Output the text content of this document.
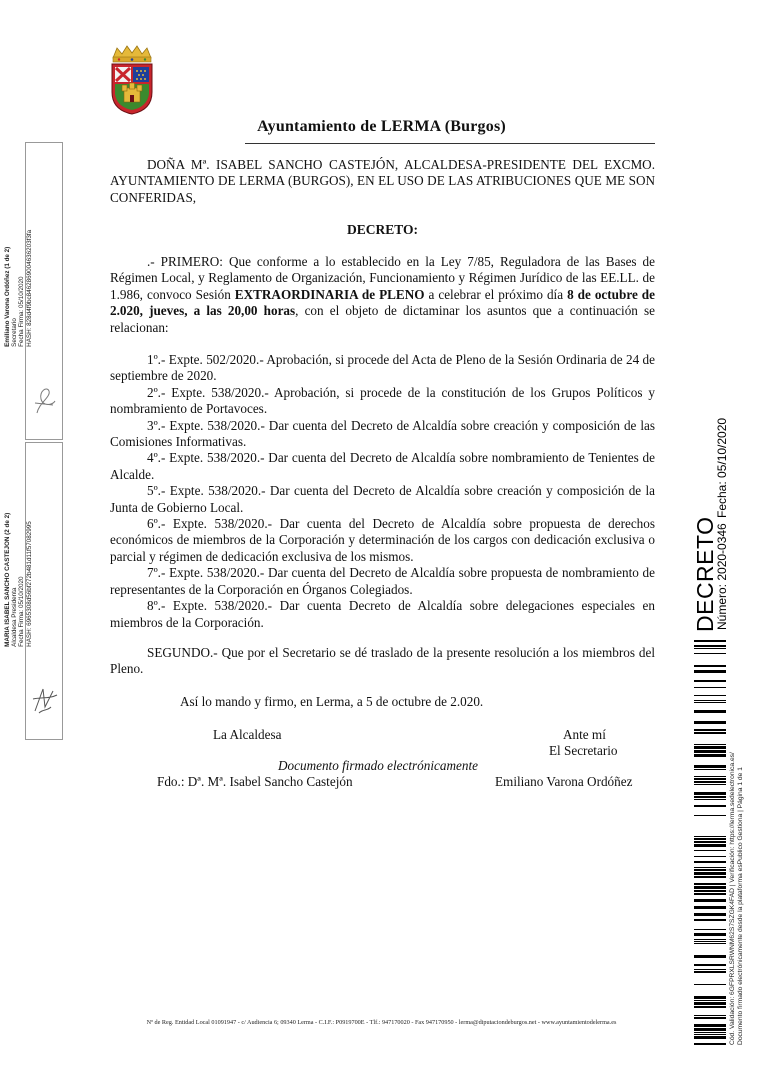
Ayuntamiento de LERMA (Burgos)

DOÑA Mª. ISABEL SANCHO CASTEJÓN, ALCALDESA-PRESIDENTE DEL EXCMO. AYUNTAMIENTO DE LERMA (BURGOS), EN EL USO DE LAS ATRIBUCIONES QUE ME SON CONFERIDAS,

DECRETO:

.- PRIMERO: Que conforme a lo establecido en la Ley 7/85, Reguladora de las Bases de Régimen Local, y Reglamento de Organización, Funcionamiento y Régimen Jurídico de las EE.LL. de 1.986, convoco Sesión EXTRAORDINARIA de PLENO a celebrar el próximo día 8 de octubre de 2.020, jueves, a las 20,00 horas, con el objeto de dictaminar los asuntos que a continuación se relacionan:

1º.- Expte. 502/2020.- Aprobación, si procede del Acta de Pleno de la Sesión Ordinaria de 24 de septiembre de 2020.

2º.- Expte. 538/2020.- Aprobación, si procede de la constitución de los Grupos Políticos y nombramiento de Portavoces.

3º.- Expte. 538/2020.- Dar cuenta del Decreto de Alcaldía sobre creación y composición de las Comisiones Informativas.

4º.- Expte. 538/2020.- Dar cuenta del Decreto de Alcaldía sobre nombramiento de Tenientes de Alcalde.

5º.- Expte. 538/2020.- Dar cuenta del Decreto de Alcaldía sobre creación y composición de la Junta de Gobierno Local.

6º.- Expte. 538/2020.- Dar cuenta del Decreto de Alcaldía sobre propuesta de derechos económicos de miembros de la Corporación y determinación de los cargos con dedicación exclusiva o parcial y régimen de dedicación exclusiva de los mismos.

7º.- Expte. 538/2020.- Dar cuenta del Decreto de Alcaldía sobre propuesta de nombramiento de representantes de la Corporación en Órganos Colegiados.

8º.- Expte. 538/2020.- Dar cuenta Decreto de Alcaldía sobre delegaciones especiales en miembros de la Corporación.

SEGUNDO.- Que por el Secretario se dé traslado de la presente resolución a los miembros del Pleno.

Así lo mando y firmo, en Lerma, a 5 de octubre de 2.020.
La Alcaldesa	Ante mí
El Secretario
Documento firmado electrónicamente
Fdo.: Dª. Mª. Isabel Sancho Castejón	Emiliano Varona Ordóñez
Nº de Reg. Entidad Local 01091947 - c/ Audiencia 6; 09340 Lerma - C.I.F.: P0919700E - Tlf.: 947170020 - Fax 947170950 - lerma@diputaciondeburgos.net - www.ayuntamientodelerma.es
Emiliano Varona Ordóñez (1 de 2) Secretario Fecha Firma: 05/10/2020 HASH: 828d4f9bc8462869004636203f3fa
MARIA ISABEL SANCHO CASTEJON (2 de 2) Alcaldesa Presidenta Fecha Firma: 05/10/2020 HASH: 6965308d56bf272b481d11f57082995	DECRETO
Número: 2020-0346
Fecha: 05/10/2020
Cód. Validación: 6GFPRXLSRWNM62S7SZGK4FAD | Verificación: https://lerma.sedelectronica.es/ Documento firmado electrónicamente desde la plataforma esPublico Gestiona | Página 1 de 1
